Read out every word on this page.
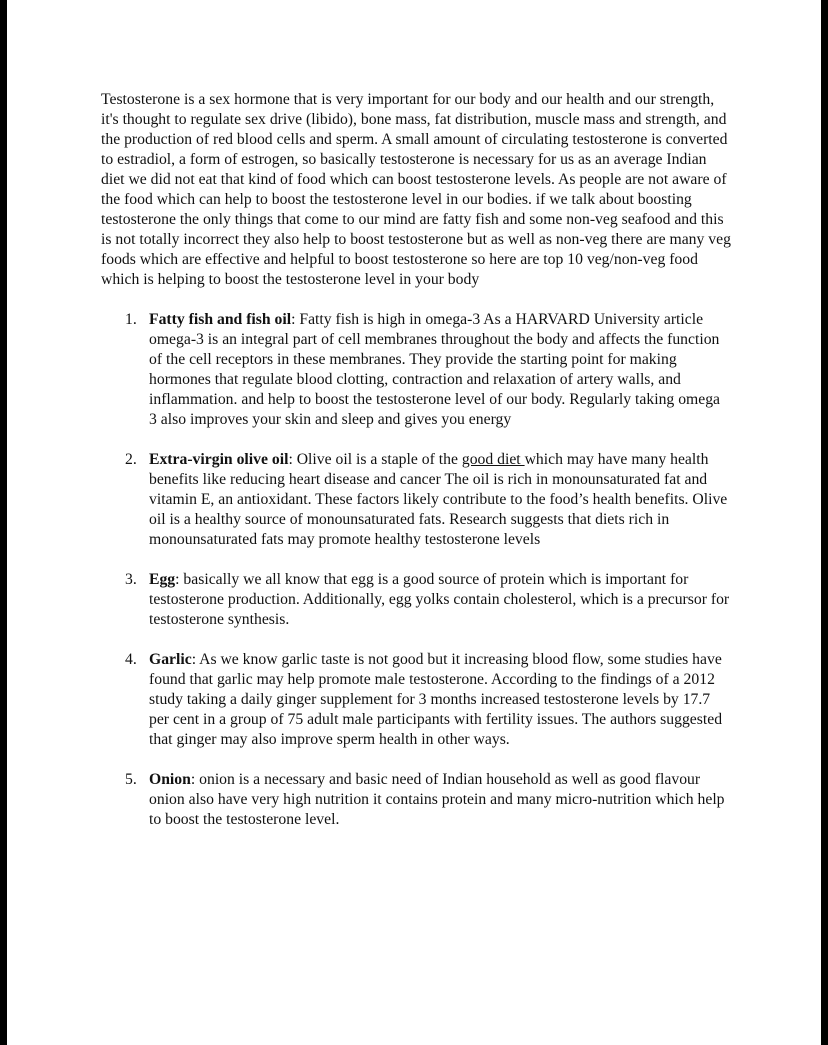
Testosterone is a sex hormone that is very important for our body and our health and our strength, it's thought to regulate sex drive (libido), bone mass, fat distribution, muscle mass and strength, and the production of red blood cells and sperm. A small amount of circulating testosterone is converted to estradiol, a form of estrogen, so basically testosterone is necessary for us as an average Indian diet we did not eat that kind of food which can boost testosterone levels. As people are not aware of the food which can help to boost the testosterone level in our bodies. if we talk about boosting testosterone the only things that come to our mind are fatty fish and some non-veg seafood and this is not totally incorrect they also help to boost testosterone but as well as non-veg there are many veg foods which are effective and helpful to boost testosterone so here are top 10 veg/non-veg food which is helping to boost the testosterone level in your body

1. Fatty fish and fish oil: Fatty fish is high in omega-3 As a HARVARD University article omega-3 is an integral part of cell membranes throughout the body and affects the function of the cell receptors in these membranes. They provide the starting point for making hormones that regulate blood clotting, contraction and relaxation of artery walls, and inflammation. and help to boost the testosterone level of our body. Regularly taking omega 3 also improves your skin and sleep and gives you energy
2. Extra-virgin olive oil: Olive oil is a staple of the good diet which may have many health benefits like reducing heart disease and cancer The oil is rich in monounsaturated fat and vitamin E, an antioxidant. These factors likely contribute to the food’s health benefits. Olive oil is a healthy source of monounsaturated fats. Research suggests that diets rich in monounsaturated fats may promote healthy testosterone levels
3. Egg: basically we all know that egg is a good source of protein which is important for testosterone production. Additionally, egg yolks contain cholesterol, which is a precursor for testosterone synthesis.
4. Garlic: As we know garlic taste is not good but it increasing blood flow, some studies have found that garlic may help promote male testosterone. According to the findings of a 2012 study taking a daily ginger supplement for 3 months increased testosterone levels by 17.7 per cent in a group of 75 adult male participants with fertility issues. The authors suggested that ginger may also improve sperm health in other ways.
5. Onion: onion is a necessary and basic need of Indian household as well as good flavour onion also have very high nutrition it contains protein and many micro-nutrition which help to boost the testosterone level.
